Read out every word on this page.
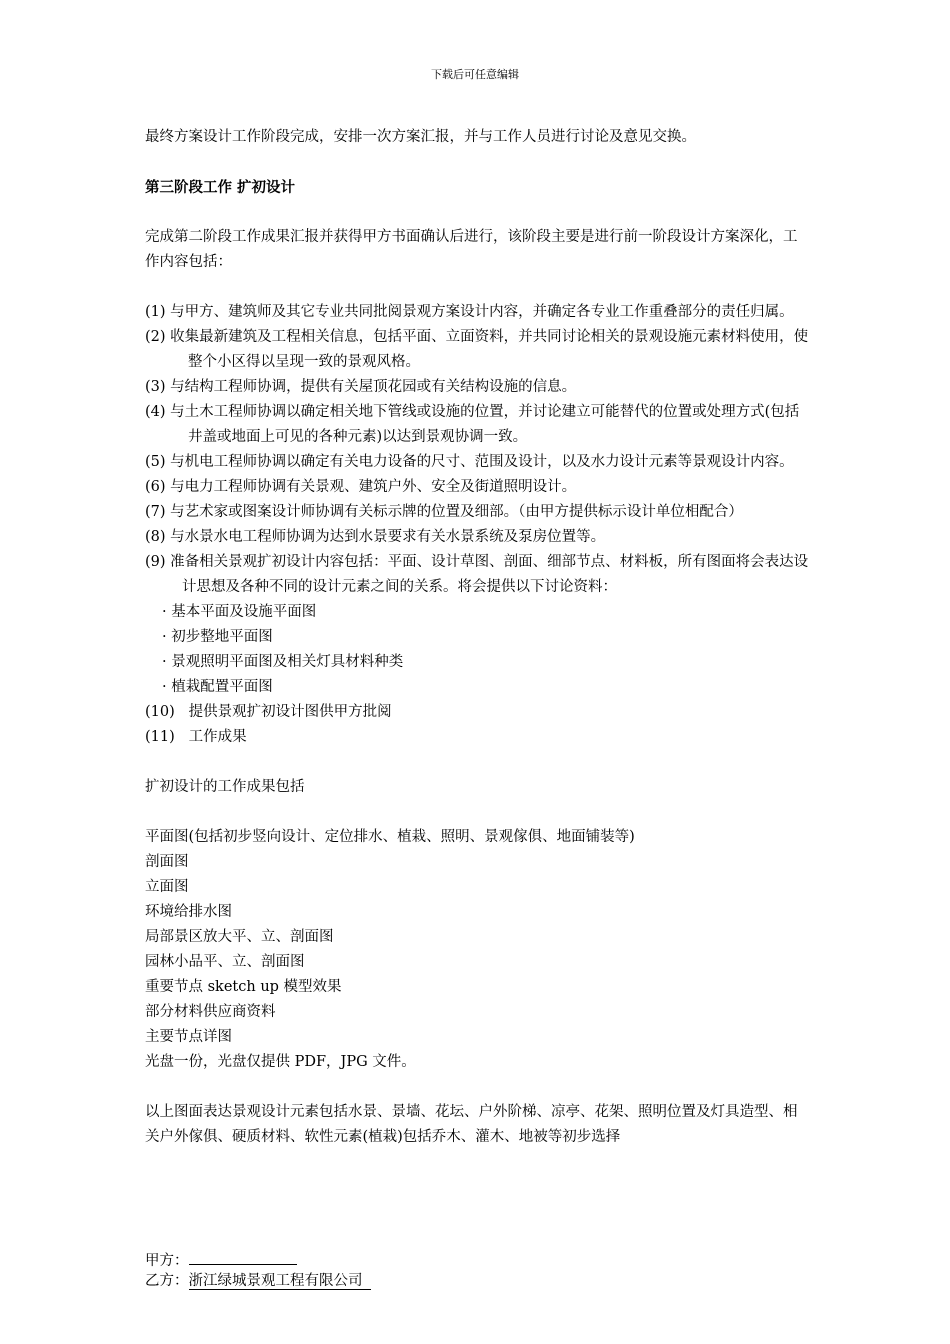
下载后可任意编辑

最终方案设计工作阶段完成，安排一次方案汇报，并与工作人员进行讨论及意见交换。

第三阶段工作 扩初设计

完成第二阶段工作成果汇报并获得甲方书面确认后进行，该阶段主要是进行前一阶段设计方案深化，工作内容包括：

(1) 与甲方、建筑师及其它专业共同批阅景观方案设计内容，并确定各专业工作重叠部分的责任归属。

(2) 收集最新建筑及工程相关信息，包括平面、立面资料，并共同讨论相关的景观设施元素材料使用，使整个小区得以呈现一致的景观风格。

(3) 与结构工程师协调，提供有关屋顶花园或有关结构设施的信息。

(4) 与土木工程师协调以确定相关地下管线或设施的位置，并讨论建立可能替代的位置或处理方式(包括井盖或地面上可见的各种元素)以达到景观协调一致。

(5) 与机电工程师协调以确定有关电力设备的尺寸、范围及设计，以及水力设计元素等景观设计内容。

(6) 与电力工程师协调有关景观、建筑户外、安全及街道照明设计。

(7) 与艺术家或图案设计师协调有关标示牌的位置及细部。（由甲方提供标示设计单位相配合）

(8) 与水景水电工程师协调为达到水景要求有关水景系统及泵房位置等。

(9) 准备相关景观扩初设计内容包括：平面、设计草图、剖面、细部节点、材料板，所有图面将会表达设计思想及各种不同的设计元素之间的关系。将会提供以下讨论资料：

· 基本平面及设施平面图

· 初步整地平面图

· 景观照明平面图及相关灯具材料种类

· 植栽配置平面图

(10)   提供景观扩初设计图供甲方批阅

(11)   工作成果

扩初设计的工作成果包括

平面图(包括初步竖向设计、定位排水、植栽、照明、景观傢俱、地面铺装等)

剖面图

立面图

环境给排水图

局部景区放大平、立、剖面图

园林小品平、立、剖面图

重要节点 sketch up 模型效果

部分材料供应商资料

主要节点详图

光盘一份，光盘仅提供 PDF，JPG 文件。

以上图面表达景观设计元素包括水景、景墙、花坛、户外阶梯、凉亭、花架、照明位置及灯具造型、相关户外傢俱、硬质材料、软性元素(植栽)包括乔木、灌木、地被等初步选择

甲方：
乙方：浙江绿城景观工程有限公司
